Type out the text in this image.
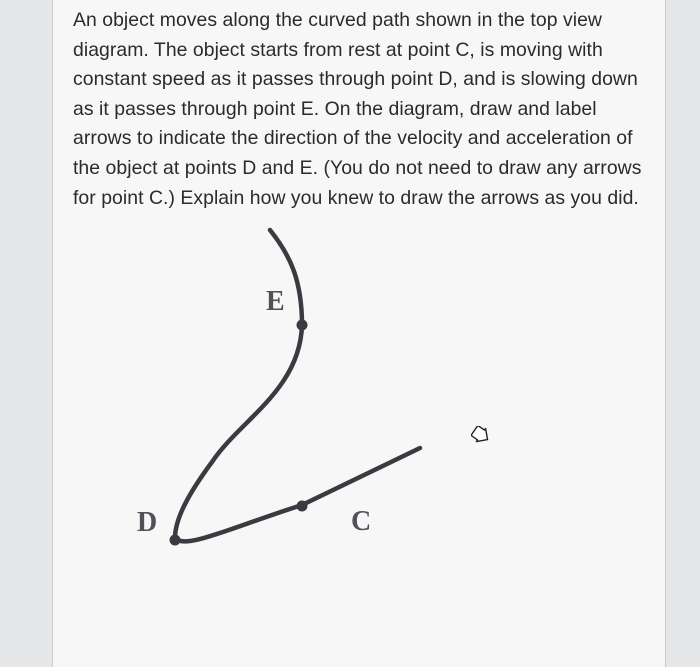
An object moves along the curved path shown in the top view
diagram. The object starts from rest at point C, is moving with
constant speed as it passes through point D, and is slowing down
as it passes through point E. On the diagram, draw and label
arrows to indicate the direction of the velocity and acceleration of
the object at points D and E. (You do not need to draw any arrows
for point C.) Explain how you knew to draw the arrows as you did.

E
D	C
